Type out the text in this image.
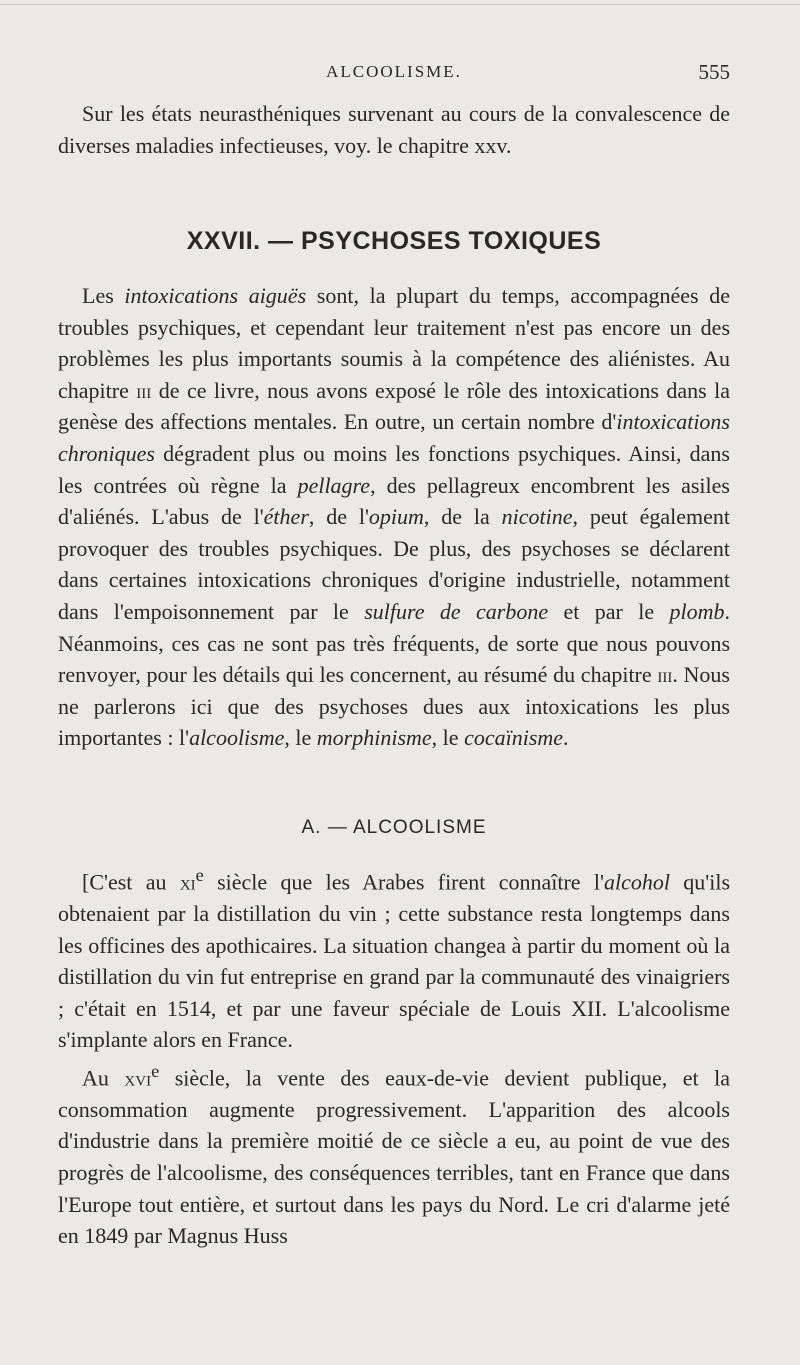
ALCOOLISME.	555

Sur les états neurasthéniques survenant au cours de la convalescence de diverses maladies infectieuses, voy. le chapitre xxv.

XXVII. — PSYCHOSES TOXIQUES

Les intoxications aiguës sont, la plupart du temps, accompagnées de troubles psychiques, et cependant leur traitement n'est pas encore un des problèmes les plus importants soumis à la compétence des aliénistes. Au chapitre iii de ce livre, nous avons exposé le rôle des intoxications dans la genèse des affections mentales. En outre, un certain nombre d'intoxications chroniques dégradent plus ou moins les fonctions psychiques. Ainsi, dans les contrées où règne la pellagre, des pellagreux encombrent les asiles d'aliénés. L'abus de l'éther, de l'opium, de la nicotine, peut également provoquer des troubles psychiques. De plus, des psychoses se déclarent dans certaines intoxications chroniques d'origine industrielle, notamment dans l'empoisonnement par le sulfure de carbone et par le plomb. Néanmoins, ces cas ne sont pas très fréquents, de sorte que nous pouvons renvoyer, pour les détails qui les concernent, au résumé du chapitre iii. Nous ne parlerons ici que des psychoses dues aux intoxications les plus importantes : l'alcoolisme, le morphinisme, le cocaïnisme.

A. — ALCOOLISME

[C'est au $xi^e$ siècle que les Arabes firent connaître l'alcohol qu'ils obtenaient par la distillation du vin ; cette substance resta longtemps dans les officines des apothicaires. La situation changea à partir du moment où la distillation du vin fut entreprise en grand par la communauté des vinaigriers ; c'était en 1514, et par une faveur spéciale de Louis XII. L'alcoolisme s'implante alors en France.

Au xvi$^e$ siècle, la vente des eaux-de-vie devient publique, et la consommation augmente progressivement. L'apparition des alcools d'industrie dans la première moitié de ce siècle a eu, au point de vue des progrès de l'alcoolisme, des conséquences terribles, tant en France que dans l'Europe tout entière, et surtout dans les pays du Nord. Le cri d'alarme jeté en 1849 par Magnus Huss
